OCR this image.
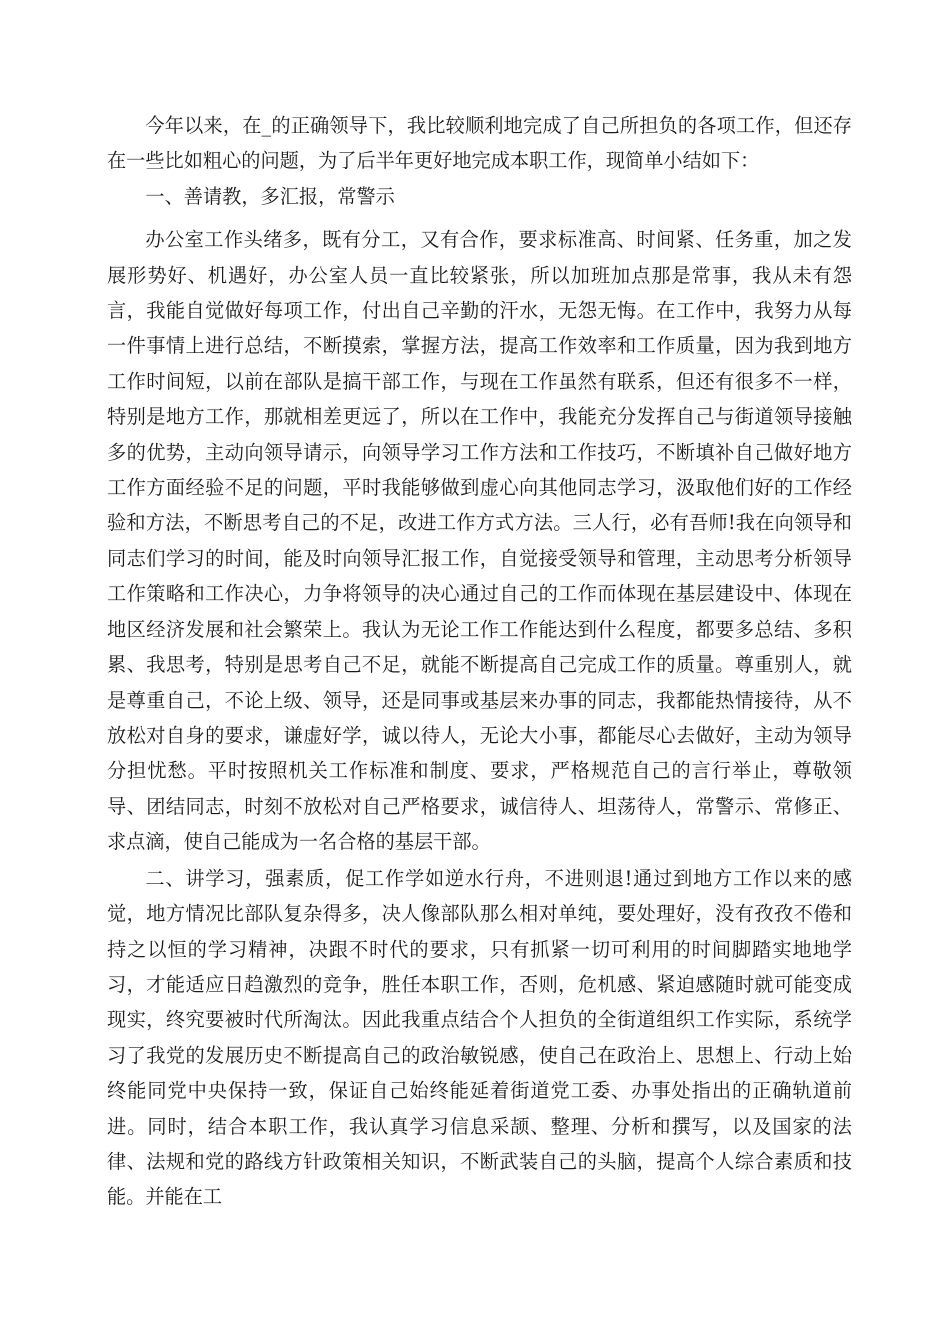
今年以来，在_的正确领导下，我比较顺利地完成了自己所担负的各项工作，但还存在一些比如粗心的问题，为了后半年更好地完成本职工作，现简单小结如下：

一、善请教，多汇报，常警示

办公室工作头绪多，既有分工，又有合作，要求标准高、时间紧、任务重，加之发展形势好、机遇好，办公室人员一直比较紧张，所以加班加点那是常事，我从未有怨言，我能自觉做好每项工作，付出自己辛勤的汗水，无怨无悔。在工作中，我努力从每一件事情上进行总结，不断摸索，掌握方法，提高工作效率和工作质量，因为我到地方工作时间短，以前在部队是搞干部工作，与现在工作虽然有联系，但还有很多不一样，特别是地方工作，那就相差更远了，所以在工作中，我能充分发挥自己与街道领导接触多的优势，主动向领导请示，向领导学习工作方法和工作技巧，不断填补自己做好地方工作方面经验不足的问题，平时我能够做到虚心向其他同志学习，汲取他们好的工作经验和方法，不断思考自己的不足，改进工作方式方法。三人行，必有吾师!我在向领导和同志们学习的时间，能及时向领导汇报工作，自觉接受领导和管理，主动思考分析领导工作策略和工作决心，力争将领导的决心通过自己的工作而体现在基层建设中、体现在地区经济发展和社会繁荣上。我认为无论工作工作能达到什么程度，都要多总结、多积累、我思考，特别是思考自己不足，就能不断提高自己完成工作的质量。尊重别人，就是尊重自己，不论上级、领导，还是同事或基层来办事的同志，我都能热情接待，从不放松对自身的要求，谦虚好学，诚以待人，无论大小事，都能尽心去做好，主动为领导分担忧愁。平时按照机关工作标准和制度、要求，严格规范自己的言行举止，尊敬领导、团结同志，时刻不放松对自己严格要求，诚信待人、坦荡待人，常警示、常修正、求点滴，使自己能成为一名合格的基层干部。

二、讲学习，强素质，促工作学如逆水行舟，不进则退!通过到地方工作以来的感觉，地方情况比部队复杂得多，决人像部队那么相对单纯，要处理好，没有孜孜不倦和持之以恒的学习精神，决跟不时代的要求，只有抓紧一切可利用的时间脚踏实地地学习，才能适应日趋激烈的竞争，胜任本职工作，否则，危机感、紧迫感随时就可能变成现实，终究要被时代所淘汰。因此我重点结合个人担负的全街道组织工作实际，系统学习了我党的发展历史不断提高自己的政治敏锐感，使自己在政治上、思想上、行动上始终能同党中央保持一致，保证自己始终能延着街道党工委、办事处指出的正确轨道前进。同时，结合本职工作，我认真学习信息采颉、整理、分析和撰写，以及国家的法律、法规和党的路线方针政策相关知识，不断武装自己的头脑，提高个人综合素质和技能。并能在工
